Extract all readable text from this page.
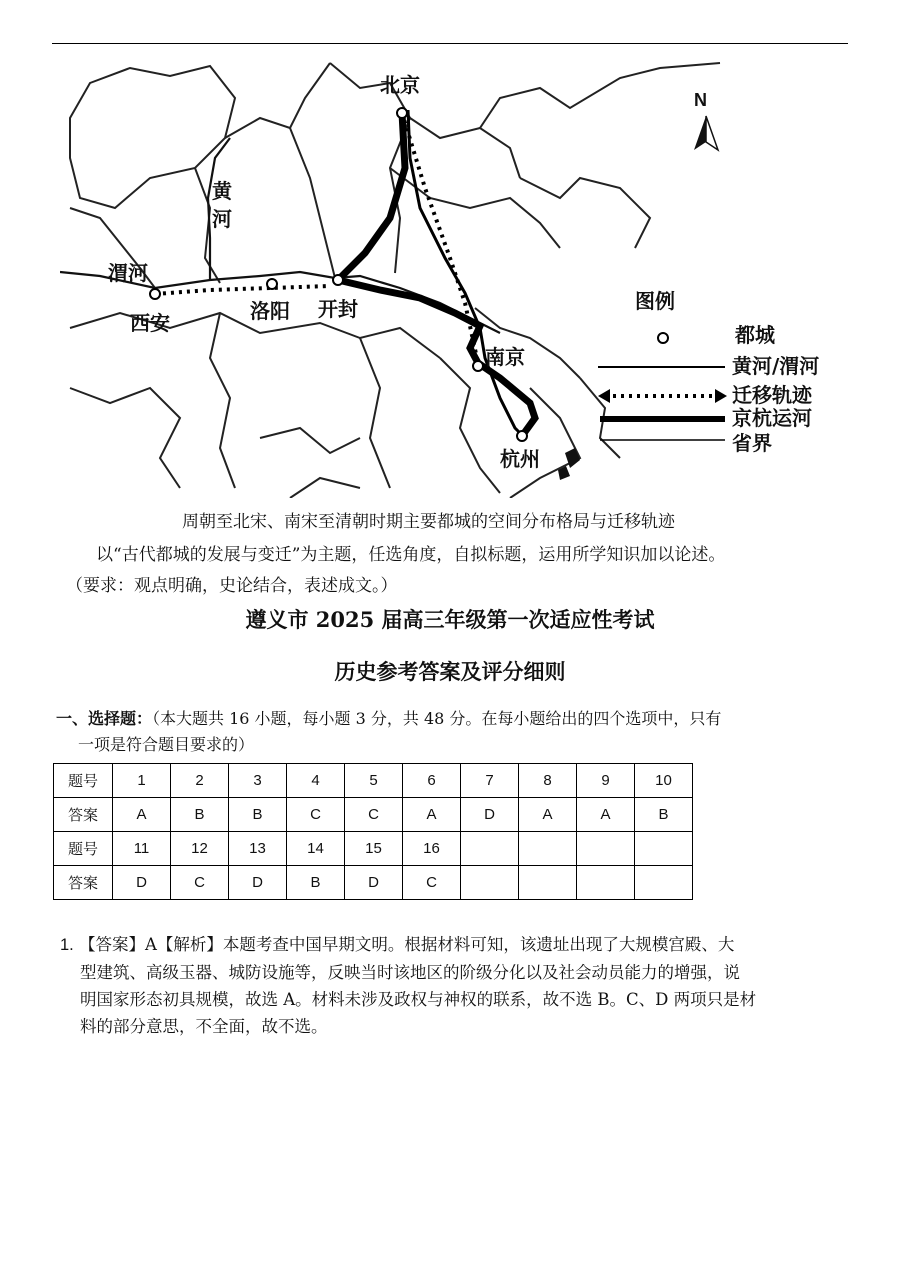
北京
西安	洛阳 开封
南京
杭州
黄
河
渭河
N
图例
都城
黄河/渭河
迁移轨迹
京杭运河
省界
周朝至北宋、南宋至清朝时期主要都城的空间分布格局与迁移轨迹
以“古代都城的发展与变迁”为主题，任选角度，自拟标题，运用所学知识加以论述。
（要求：观点明确，史论结合，表述成文。）
遵义市 2025 届高三年级第一次适应性考试
历史参考答案及评分细则
一、选择题：（本大题共 16 小题，每小题 3 分，共 48 分。在每小题给出的四个选项中，只有
一项是符合题目要求的）
题号	1	2	3	4	5	6	7	8	9	10
答案	A	B	B	C	C	A	D	A	A	B
题号	11	12	13	14	15	16				
答案	D	C	D	B	D	C				
1. 【答案】A【解析】本题考查中国早期文明。根据材料可知，该遗址出现了大规模宫殿、大
型建筑、高级玉器、城防设施等，反映当时该地区的阶级分化以及社会动员能力的增强，说
明国家形态初具规模，故选 A。材料未涉及政权与神权的联系，故不选 B。C、D 两项只是材
料的部分意思，不全面，故不选。
